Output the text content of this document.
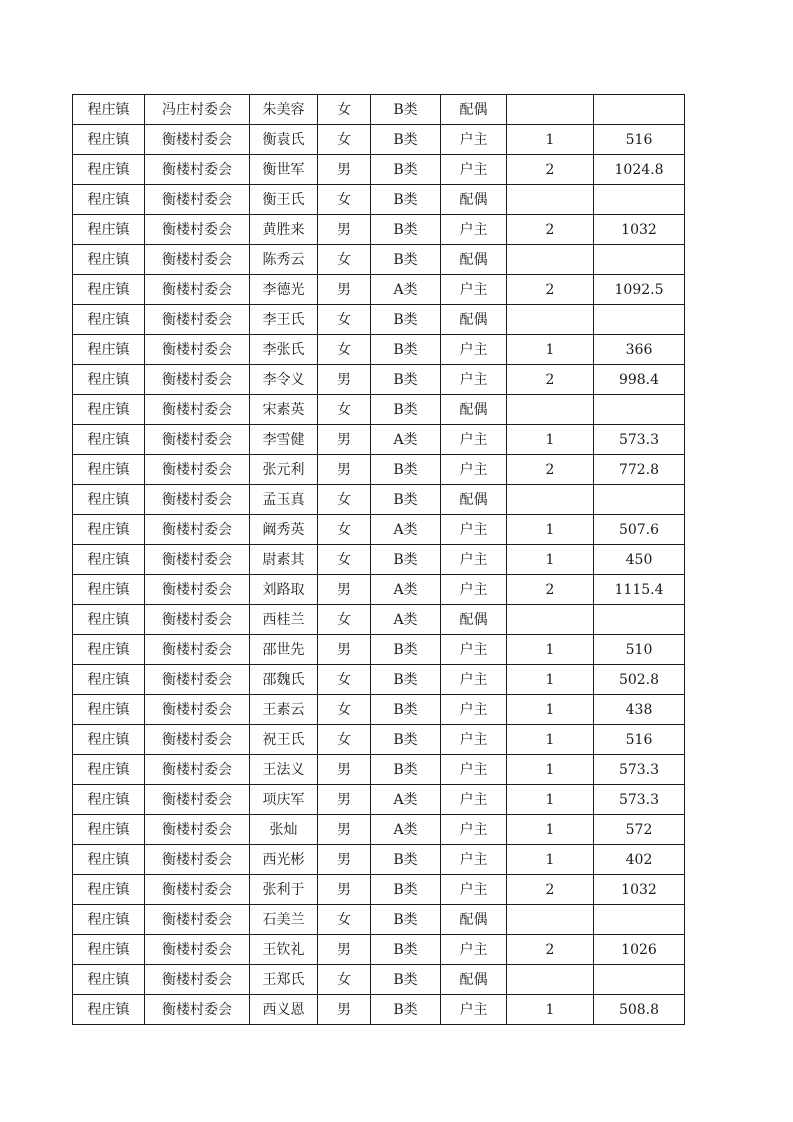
程庄镇	冯庄村委会	朱美容	女	B类	配偶		
程庄镇	衡楼村委会	衡袁氏	女	B类	户主	1	516
程庄镇	衡楼村委会	衡世军	男	B类	户主	2	1024.8
程庄镇	衡楼村委会	衡王氏	女	B类	配偶		
程庄镇	衡楼村委会	黄胜来	男	B类	户主	2	1032
程庄镇	衡楼村委会	陈秀云	女	B类	配偶		
程庄镇	衡楼村委会	李德光	男	A类	户主	2	1092.5
程庄镇	衡楼村委会	李王氏	女	B类	配偶		
程庄镇	衡楼村委会	李张氏	女	B类	户主	1	366
程庄镇	衡楼村委会	李令义	男	B类	户主	2	998.4
程庄镇	衡楼村委会	宋素英	女	B类	配偶		
程庄镇	衡楼村委会	李雪健	男	A类	户主	1	573.3
程庄镇	衡楼村委会	张元利	男	B类	户主	2	772.8
程庄镇	衡楼村委会	孟玉真	女	B类	配偶		
程庄镇	衡楼村委会	阚秀英	女	A类	户主	1	507.6
程庄镇	衡楼村委会	尉素其	女	B类	户主	1	450
程庄镇	衡楼村委会	刘路取	男	A类	户主	2	1115.4
程庄镇	衡楼村委会	西桂兰	女	A类	配偶		
程庄镇	衡楼村委会	邵世先	男	B类	户主	1	510
程庄镇	衡楼村委会	邵魏氏	女	B类	户主	1	502.8
程庄镇	衡楼村委会	王素云	女	B类	户主	1	438
程庄镇	衡楼村委会	祝王氏	女	B类	户主	1	516
程庄镇	衡楼村委会	王法义	男	B类	户主	1	573.3
程庄镇	衡楼村委会	项庆军	男	A类	户主	1	573.3
程庄镇	衡楼村委会	张灿	男	A类	户主	1	572
程庄镇	衡楼村委会	西光彬	男	B类	户主	1	402
程庄镇	衡楼村委会	张利于	男	B类	户主	2	1032
程庄镇	衡楼村委会	石美兰	女	B类	配偶		
程庄镇	衡楼村委会	王钦礼	男	B类	户主	2	1026
程庄镇	衡楼村委会	王郑氏	女	B类	配偶		
程庄镇	衡楼村委会	西义恩	男	B类	户主	1	508.8
